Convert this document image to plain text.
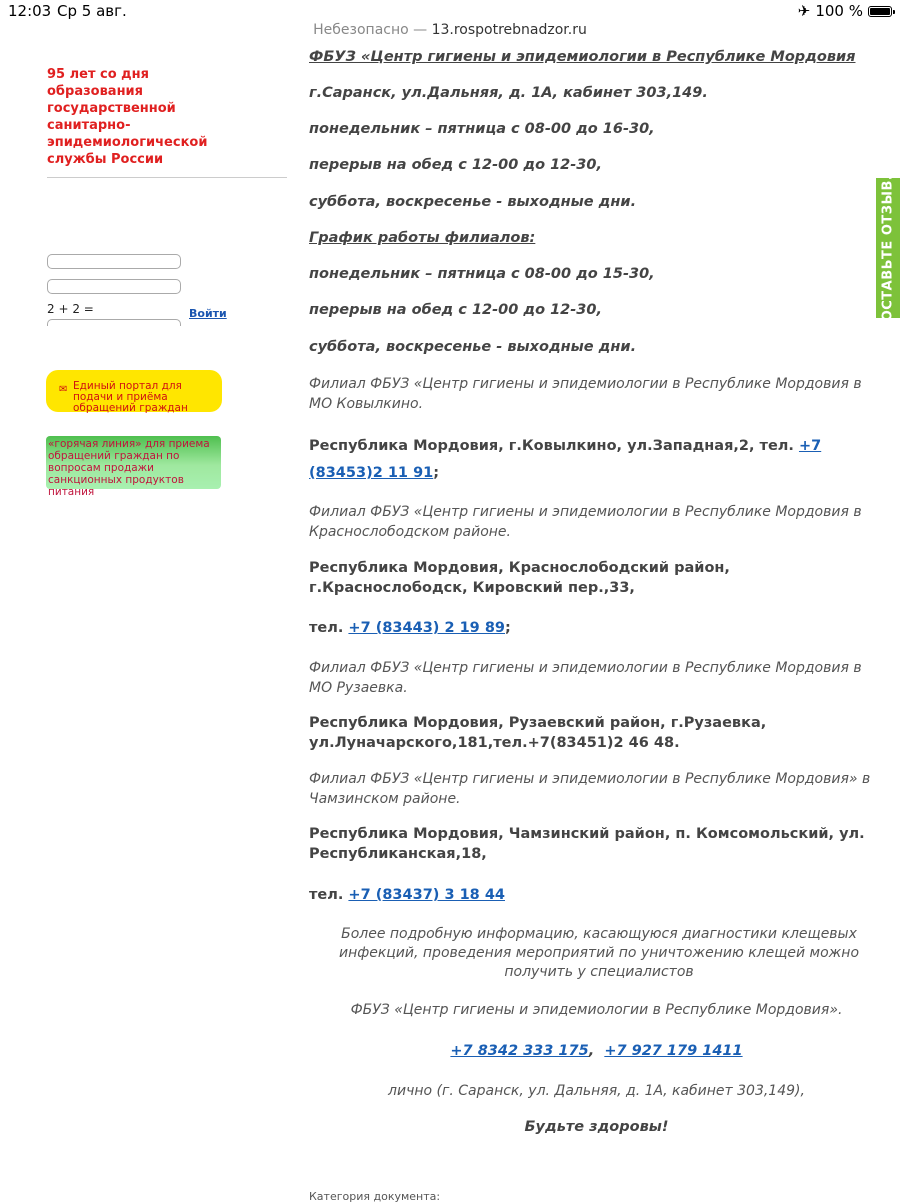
12:03 Ср 5 авг.	✈ 100 %
Небезопасно — 13.rospotrebnadzor.ru
95 лет со дня образования государственной санитарно-эпидемиологической службы России
2 + 2 =	Войти
✉ Единый портал для подачи и приёма обращений граждан
«горячая линия» для приема обращений граждан по вопросам продажи санкционных продуктов питания
ОСТАВЬТЕ ОТЗЫВ.

ФБУЗ «Центр гигиены и эпидемиологии в Республике Мордовия

г.Саранск, ул.Дальняя, д. 1А, кабинет 303,149.

понедельник – пятница с 08-00 до 16-30,

перерыв на обед с 12-00 до 12-30,

суббота, воскресенье - выходные дни.

График работы филиалов:

понедельник – пятница с 08-00 до 15-30,

перерыв на обед с 12-00 до 12-30,

суббота, воскресенье - выходные дни.

Филиал ФБУЗ «Центр гигиены и эпидемиологии в Республике Мордовия в МО Ковылкино.

Республика Мордовия, г.Ковылкино, ул.Западная,2, тел. +7 (83453)2 11 91;

Филиал ФБУЗ «Центр гигиены и эпидемиологии в Республике Мордовия в Краснослободском районе.

Республика Мордовия, Краснослободский район, г.Краснослободск, Кировский пер.,33,

тел. +7 (83443) 2 19 89;

Филиал ФБУЗ «Центр гигиены и эпидемиологии в Республике Мордовия в МО Рузаевка.

Республика Мордовия, Рузаевский район, г.Рузаевка, ул.Луначарского,181,тел.+7(83451)2 46 48.

Филиал ФБУЗ «Центр гигиены и эпидемиологии в Республике Мордовия» в Чамзинском районе.

Республика Мордовия, Чамзинский район, п. Комсомольский, ул. Республиканская,18,

тел. +7 (83437) 3 18 44

Более подробную информацию, касающуюся диагностики клещевых инфекций, проведения мероприятий по уничтожению клещей можно получить у специалистов

ФБУЗ «Центр гигиены и эпидемиологии в Республике Мордовия».

+7 8342 333 175, +7 927 179 1411

лично (г. Саранск, ул. Дальняя, д. 1А, кабинет 303,149),

Будьте здоровы!

Категория документа:
